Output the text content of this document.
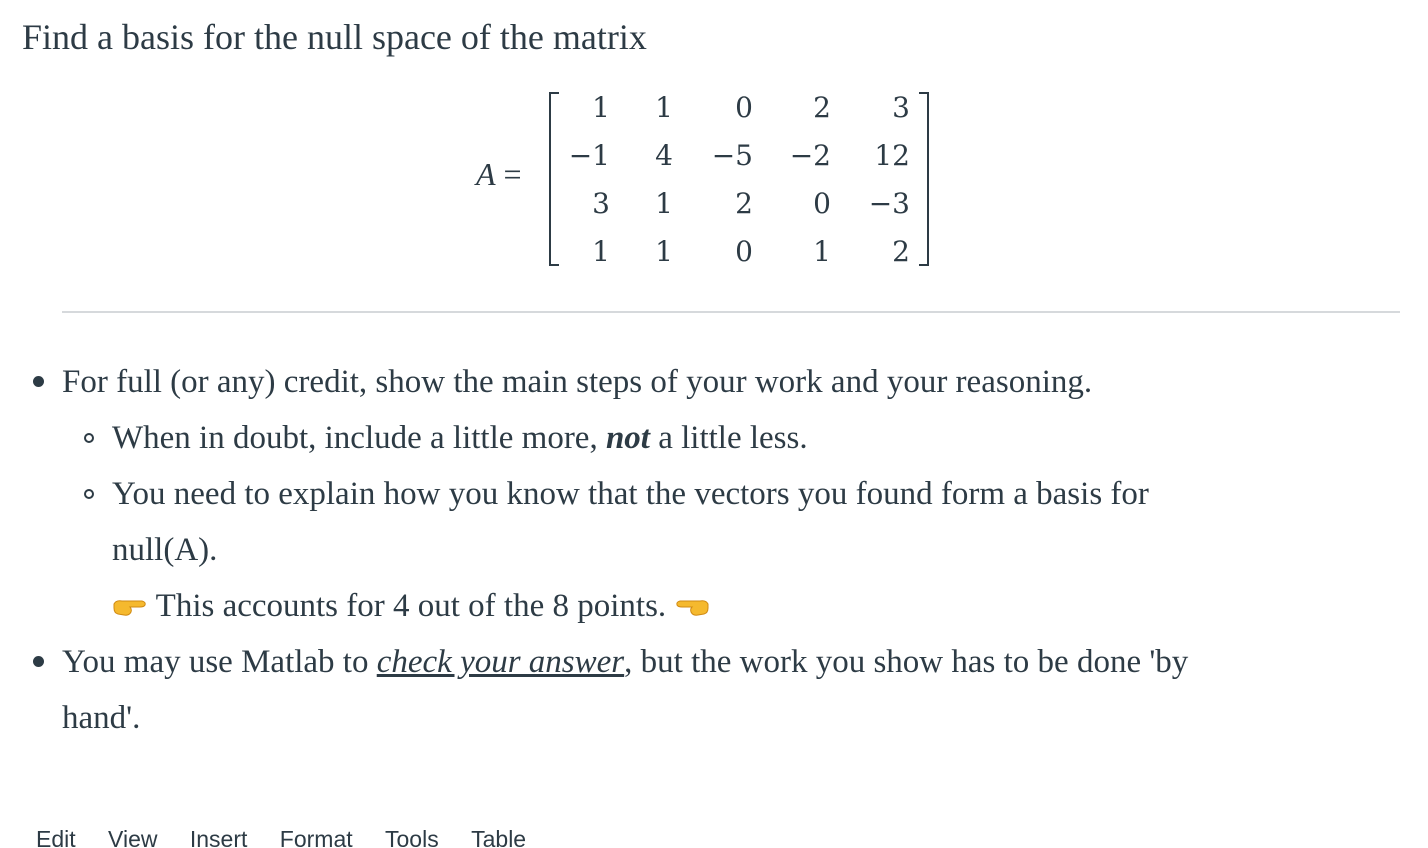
Find a basis for the null space of the matrix
A =
1	1	0	2	3
−1	4	−5	−2	12
3	1	2	0	−3
1	1	0	1	2
For full (or any) credit, show the main steps of your work and your reasoning.
When in doubt, include a little more, not a little less.
You need to explain how you know that the vectors you found form a basis for
null(A).
This accounts for 4 out of the 8 points.
You may use Matlab to check your answer, but the work you show has to be done 'by
hand'.
Edit View Insert Format Tools Table
